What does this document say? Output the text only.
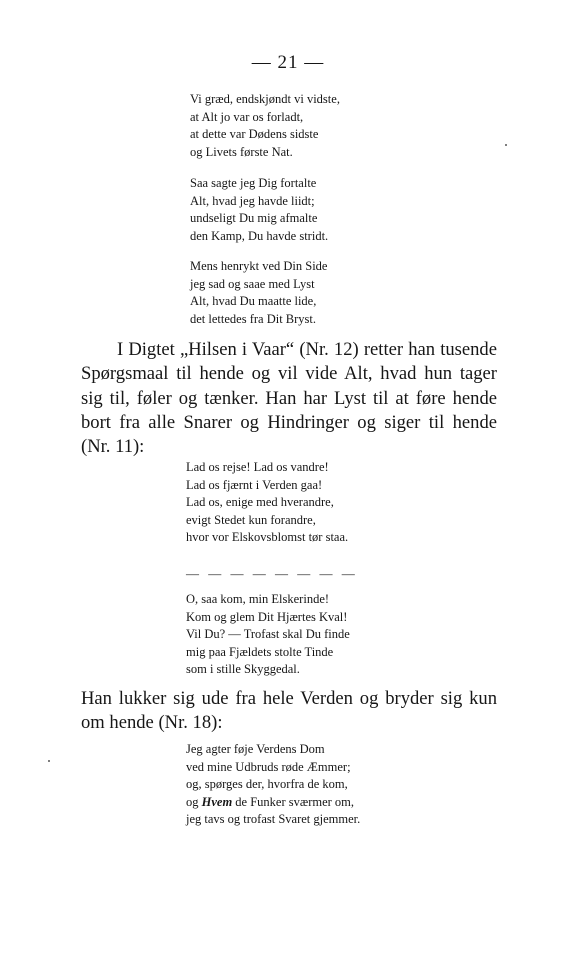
— 21 —
Vi græd, endskjøndt vi vidste,
at Alt jo var os forladt,
at dette var Dødens sidste
og Livets første Nat.
Saa sagte jeg Dig fortalte
Alt, hvad jeg havde liidt;
undseligt Du mig afmalte
den Kamp, Du havde stridt.
Mens henrykt ved Din Side
jeg sad og saae med Lyst
Alt, hvad Du maatte lide,
det lettedes fra Dit Bryst.
I Digtet „Hilsen i Vaar“ (Nr. 12) retter han tusende
Spørgsmaal til hende og vil vide Alt, hvad hun tager
sig til, føler og tænker. Han har Lyst til at føre hende
bort fra alle Snarer og Hindringer og siger til hende
(Nr. 11):
Lad os rejse! Lad os vandre!
Lad os fjærnt i Verden gaa!
Lad os, enige med hverandre,
evigt Stedet kun forandre,
hvor vor Elskovsblomst tør staa.
— — — — — — — —
O, saa kom, min Elskerinde!
Kom og glem Dit Hjærtes Kval!
Vil Du? — Trofast skal Du finde
mig paa Fjældets stolte Tinde
som i stille Skyggedal.
Han lukker sig ude fra hele Verden og bryder sig kun
om hende (Nr. 18):
Jeg agter føje Verdens Dom
ved mine Udbruds røde Æmmer;
og, spørges der, hvorfra de kom,
og Hvem de Funker sværmer om,
jeg tavs og trofast Svaret gjemmer.
